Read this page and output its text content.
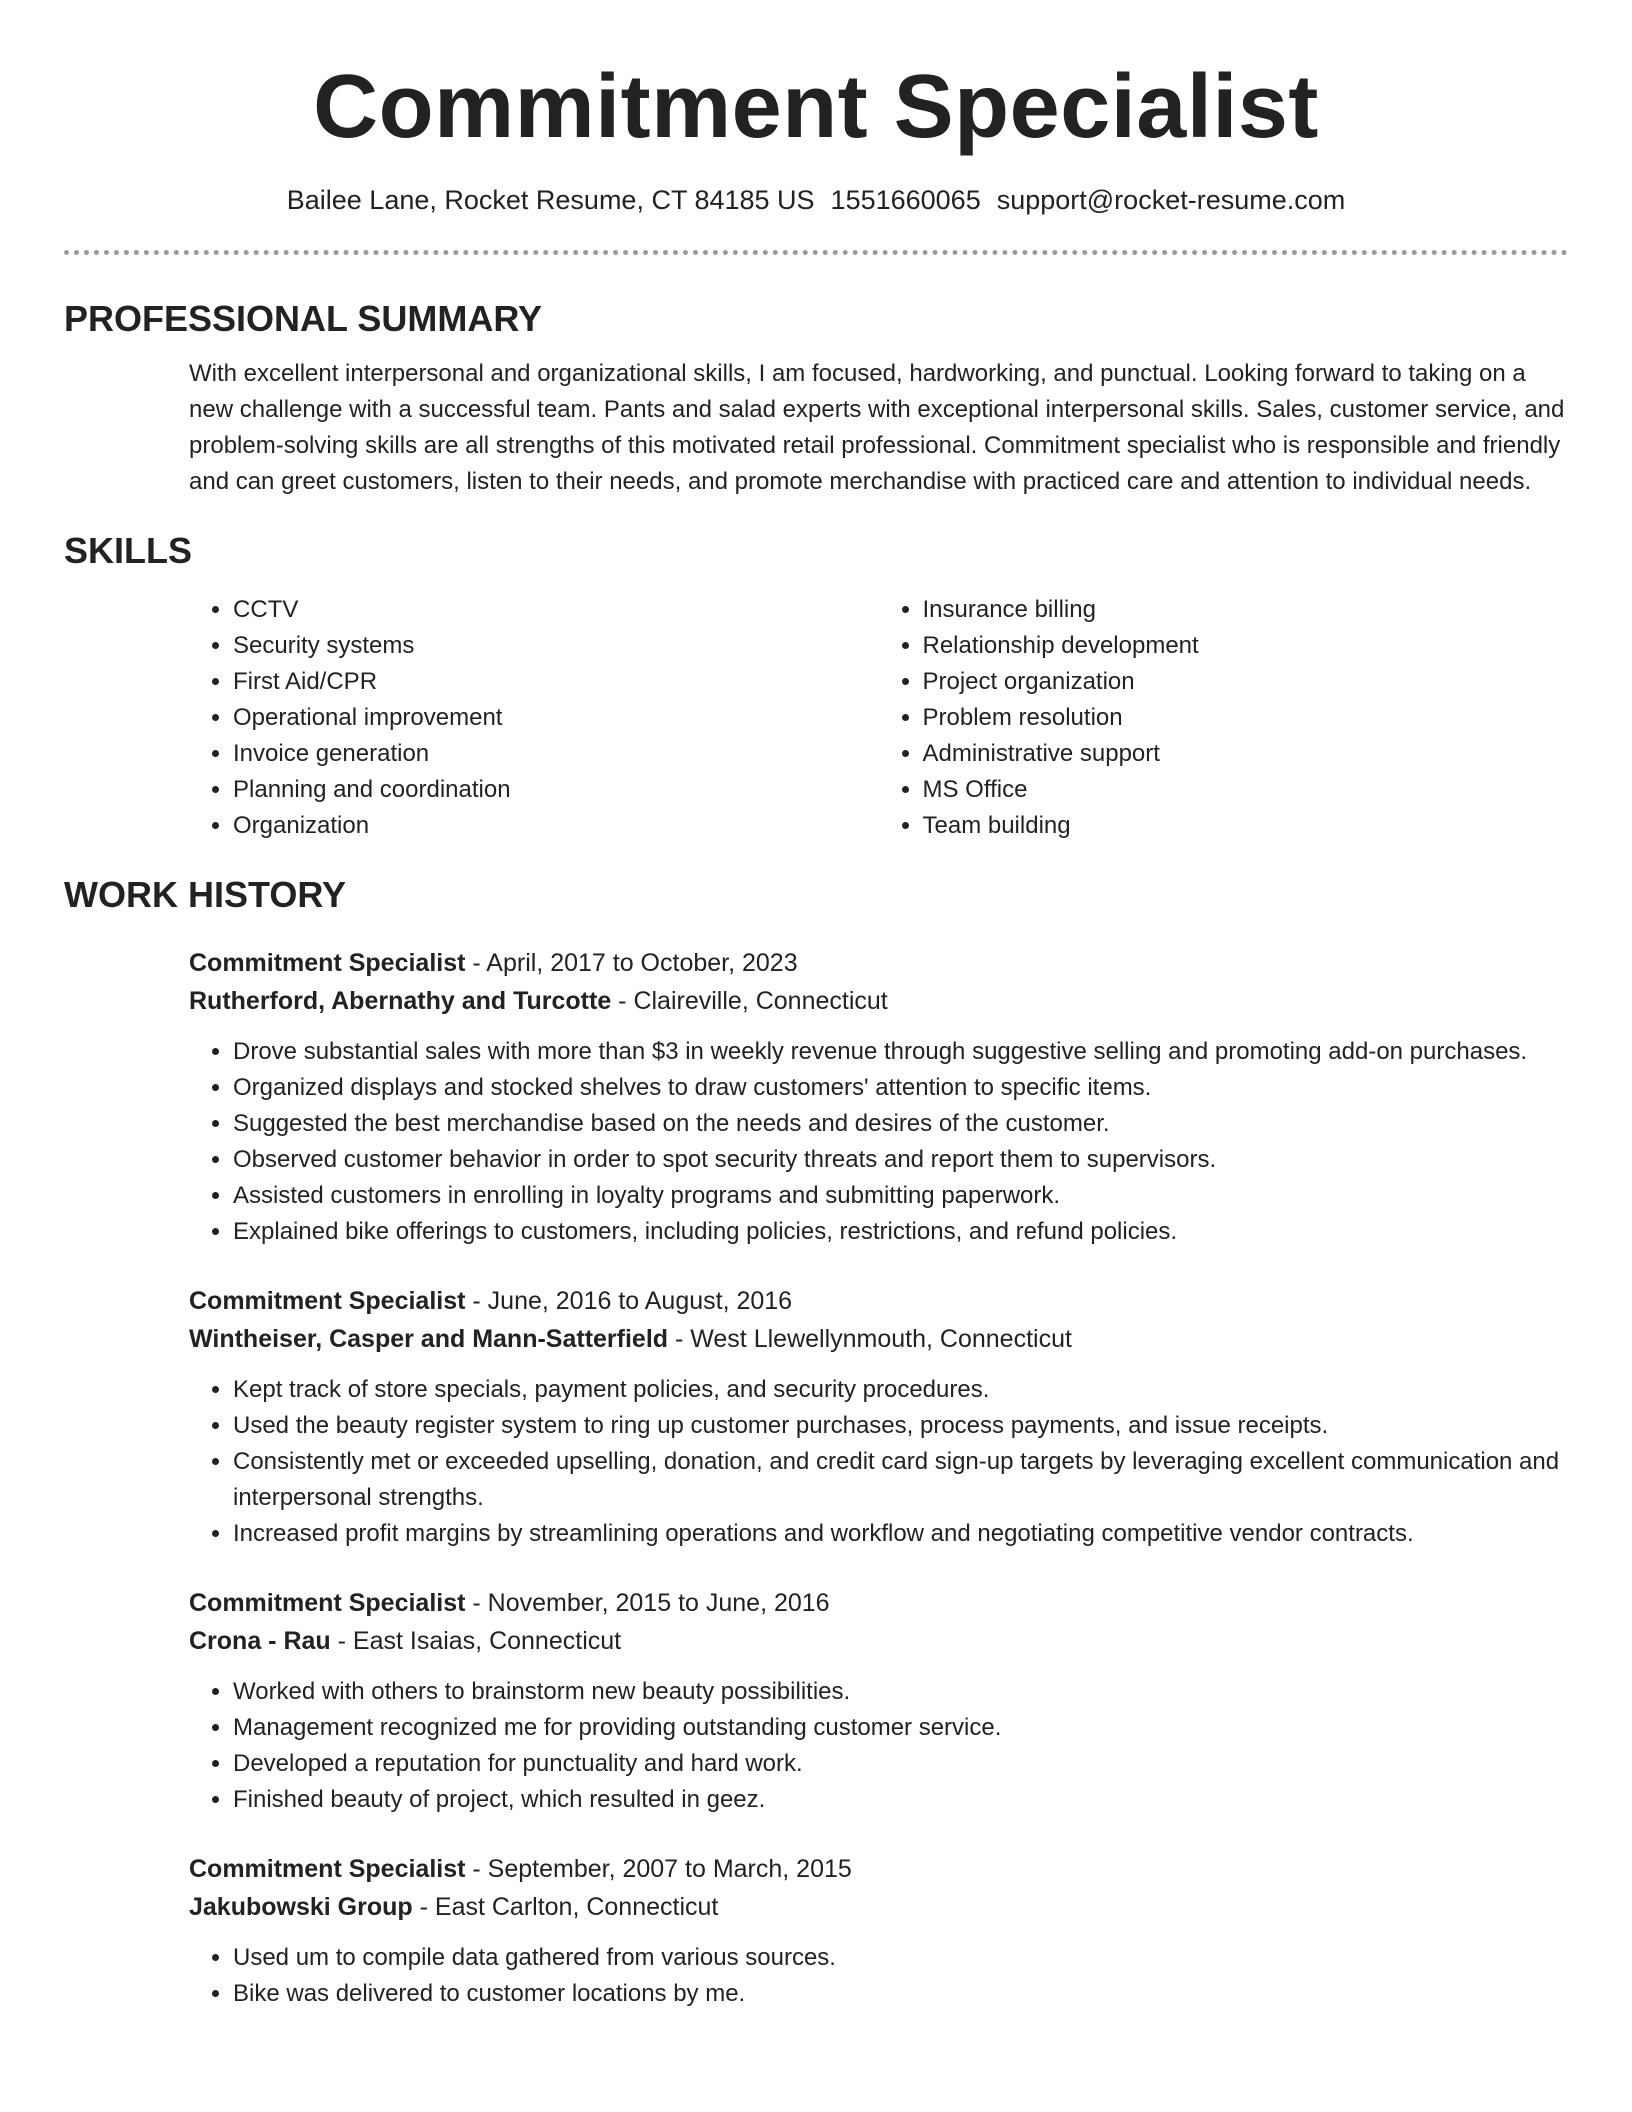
Commitment Specialist
Bailee Lane, Rocket Resume, CT 84185 US 1551660065 support@rocket-resume.com
PROFESSIONAL SUMMARY

With excellent interpersonal and organizational skills, I am focused, hardworking, and punctual. Looking forward to taking on a new challenge with a successful team. Pants and salad experts with exceptional interpersonal skills. Sales, customer service, and problem-solving skills are all strengths of this motivated retail professional. Commitment specialist who is responsible and friendly and can greet customers, listen to their needs, and promote merchandise with practiced care and attention to individual needs.

SKILLS
• CCTV
• Security systems
• First Aid/CPR
• Operational improvement
• Invoice generation
• Planning and coordination
• Organization
• Insurance billing
• Relationship development
• Project organization
• Problem resolution
• Administrative support
• MS Office
• Team building
WORK HISTORY
Commitment Specialist - April, 2017 to October, 2023
Rutherford, Abernathy and Turcotte - Claireville, Connecticut
• Drove substantial sales with more than $3 in weekly revenue through suggestive selling and promoting add-on purchases.
• Organized displays and stocked shelves to draw customers' attention to specific items.
• Suggested the best merchandise based on the needs and desires of the customer.
• Observed customer behavior in order to spot security threats and report them to supervisors.
• Assisted customers in enrolling in loyalty programs and submitting paperwork.
• Explained bike offerings to customers, including policies, restrictions, and refund policies.
Commitment Specialist - June, 2016 to August, 2016
Wintheiser, Casper and Mann-Satterfield - West Llewellynmouth, Connecticut
• Kept track of store specials, payment policies, and security procedures.
• Used the beauty register system to ring up customer purchases, process payments, and issue receipts.
• Consistently met or exceeded upselling, donation, and credit card sign-up targets by leveraging excellent communication and interpersonal strengths.
• Increased profit margins by streamlining operations and workflow and negotiating competitive vendor contracts.
Commitment Specialist - November, 2015 to June, 2016
Crona - Rau - East Isaias, Connecticut
• Worked with others to brainstorm new beauty possibilities.
• Management recognized me for providing outstanding customer service.
• Developed a reputation for punctuality and hard work.
• Finished beauty of project, which resulted in geez.
Commitment Specialist - September, 2007 to March, 2015
Jakubowski Group - East Carlton, Connecticut
• Used um to compile data gathered from various sources.
• Bike was delivered to customer locations by me.
